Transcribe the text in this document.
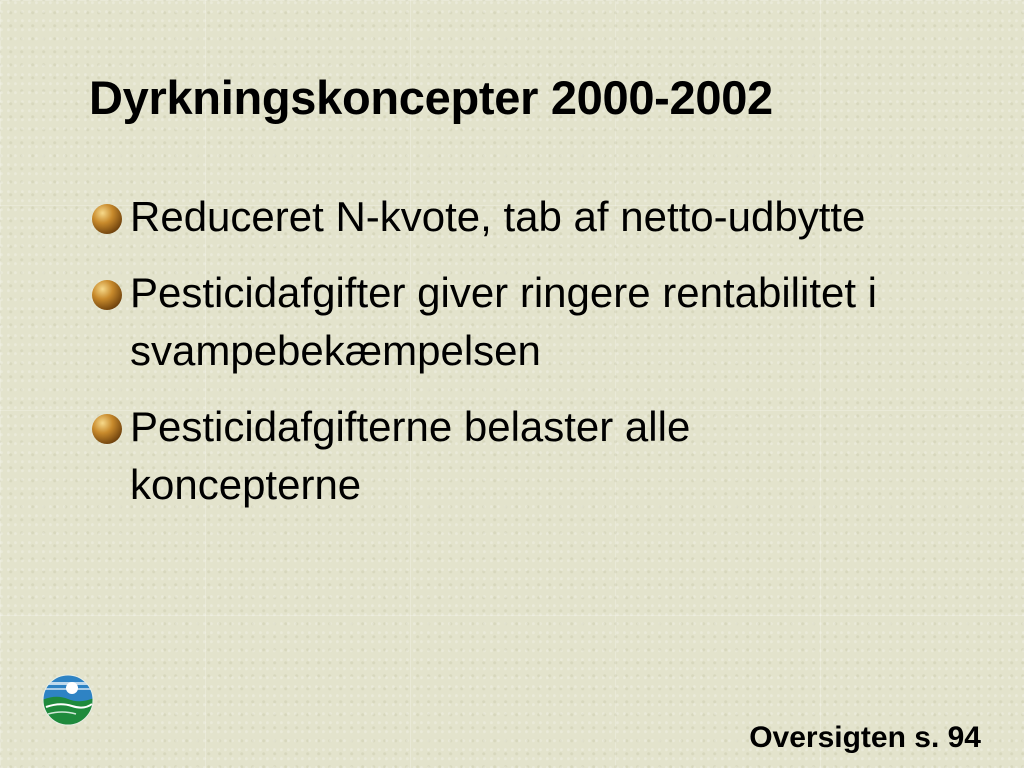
Dyrkningskoncepter 2000-2002
Reduceret N-kvote, tab af netto-udbytte
Pesticidafgifter giver ringere rentabilitet i svampebekæmpelsen
Pesticidafgifterne belaster alle koncepterne
Oversigten s. 94
